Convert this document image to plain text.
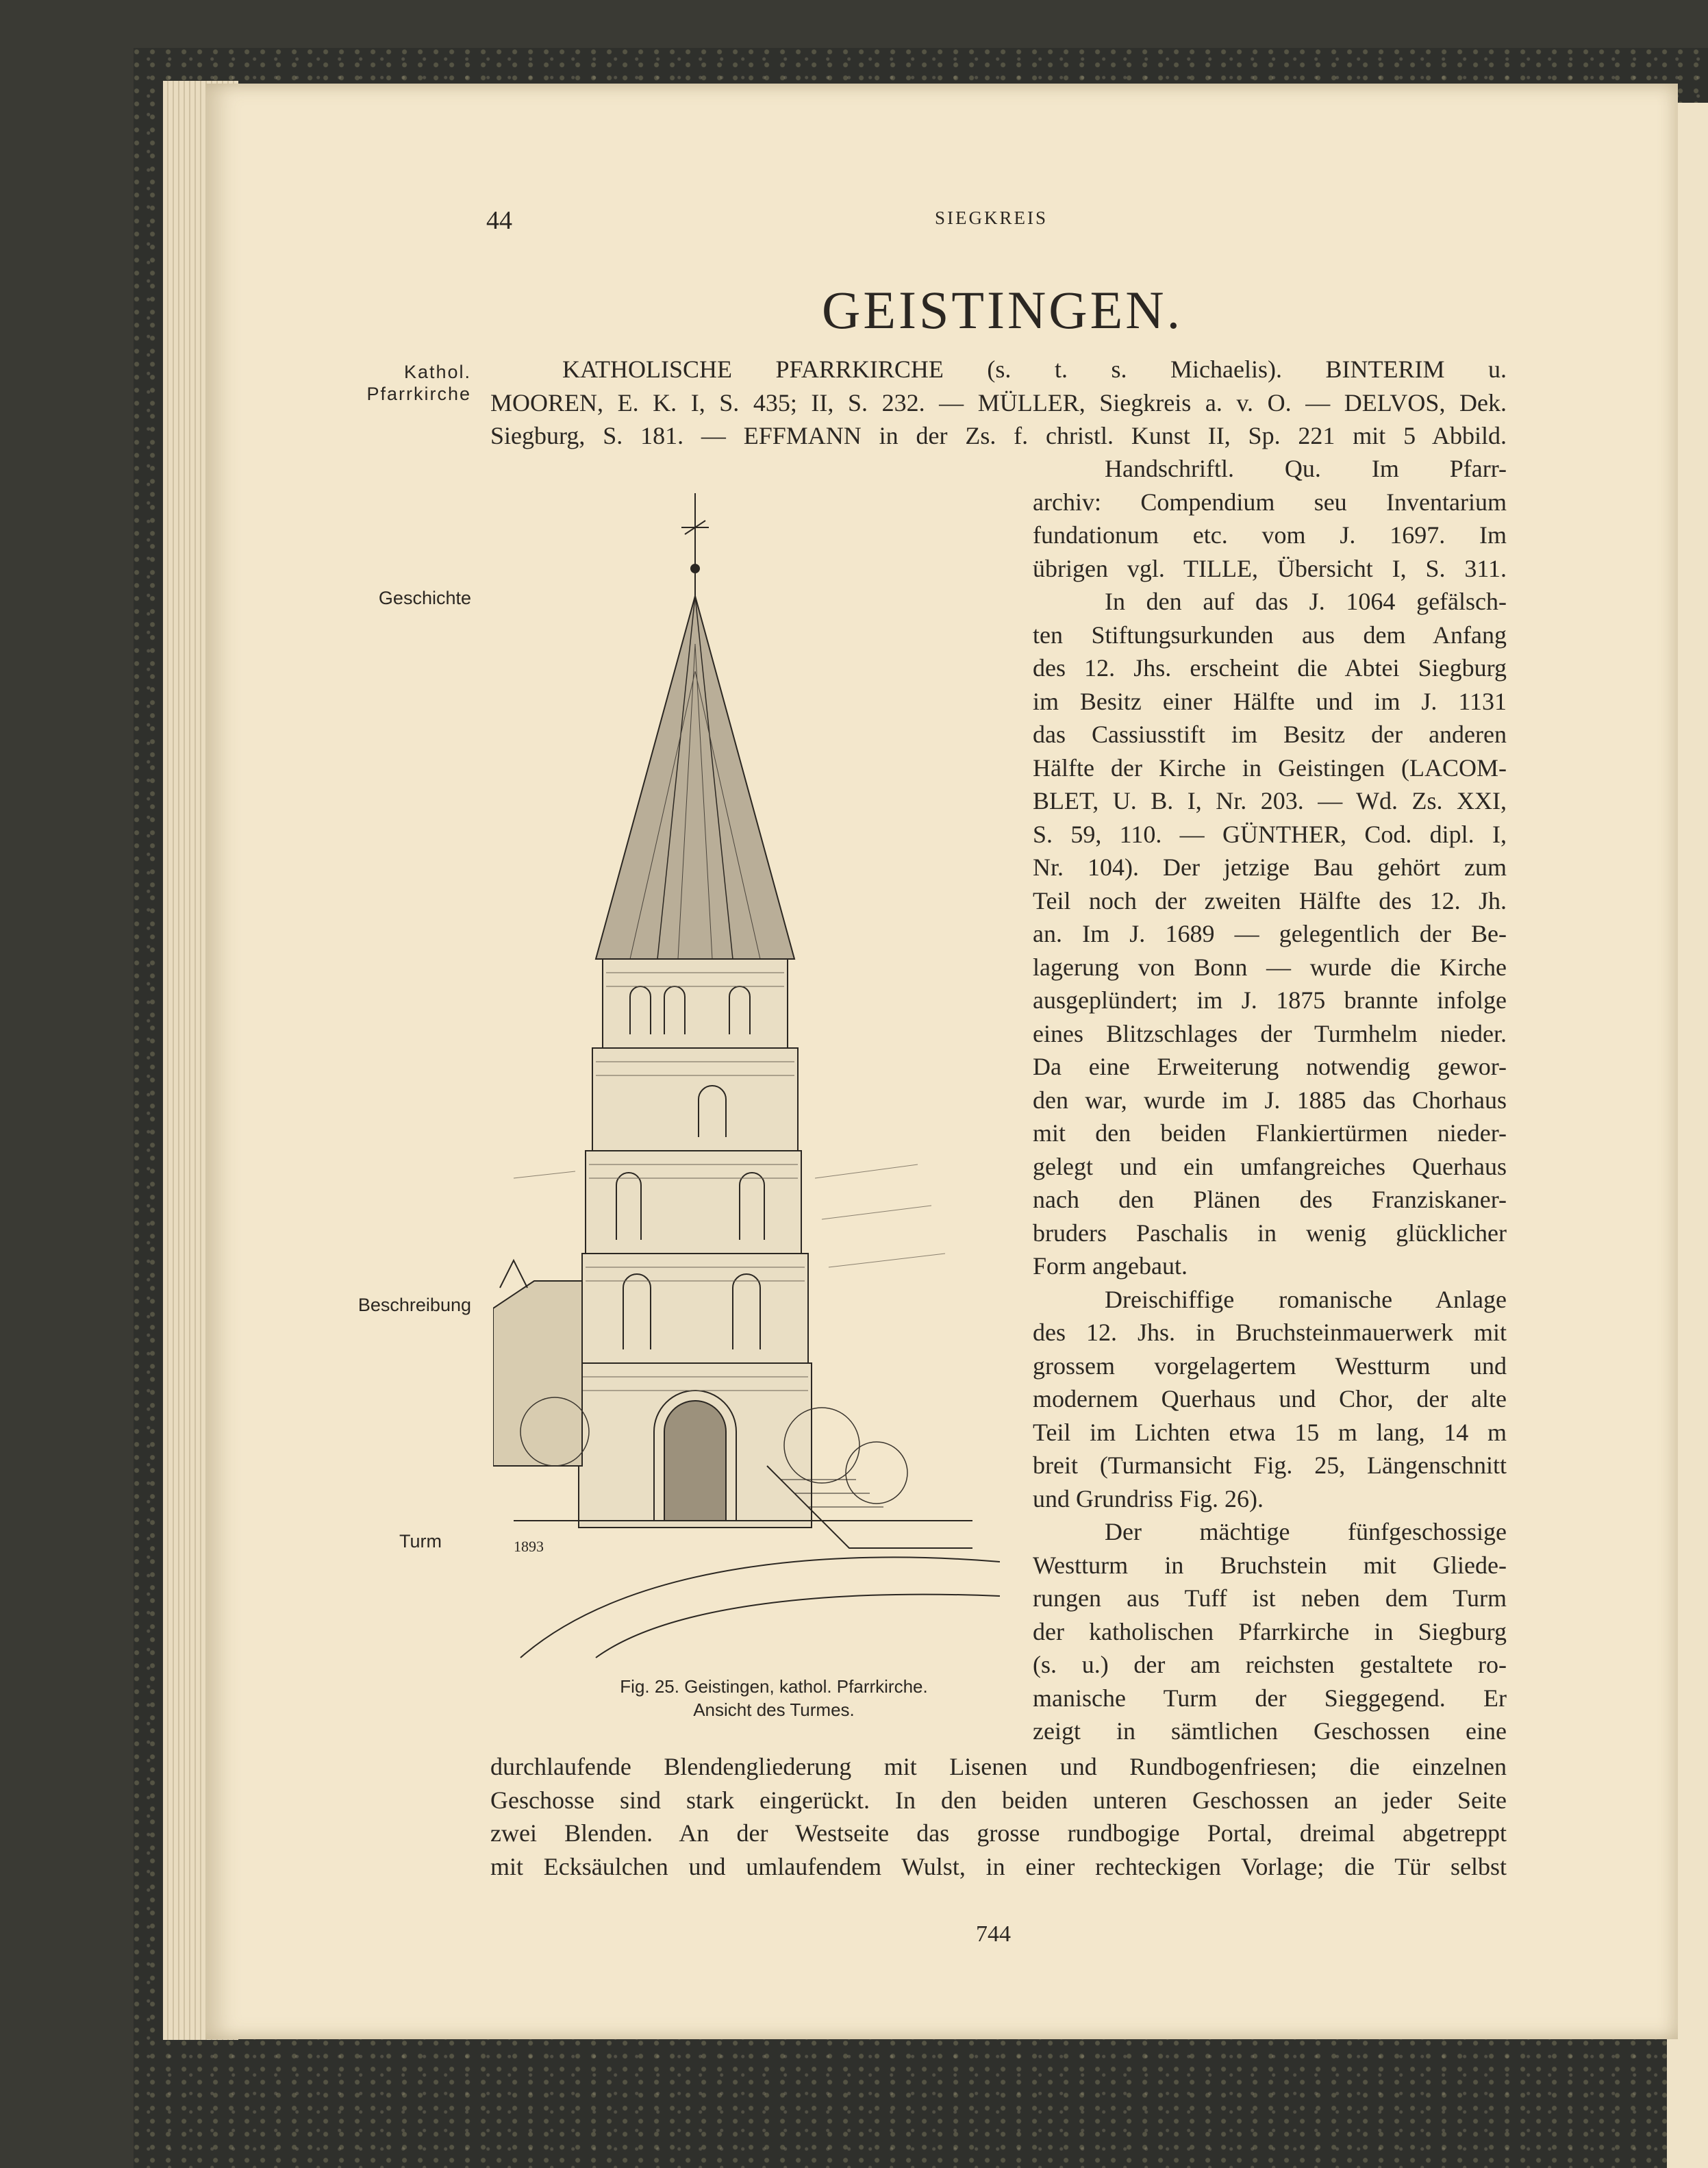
44	SIEGKREIS
GEISTINGEN.
Kathol.
Pfarrkirche
Geschichte
Beschreibung
Turm
KATHOLISCHE PFARRKIRCHE (s. t. s. Michaelis). BINTERIM u.
MOOREN, E. K. I, S. 435; II, S. 232. — MÜLLER, Siegkreis a. v. O. — DELVOS, Dek.
Siegburg, S. 181. — EFFMANN in der Zs. f. christl. Kunst II, Sp. 221 mit 5 Abbild.
Handschriftl. Qu. Im Pfarr-
archiv: Compendium seu Inventarium
fundationum etc. vom J. 1697. Im
übrigen vgl. TILLE, Übersicht I, S. 311.
In den auf das J. 1064 gefälsch-
ten Stiftungsurkunden aus dem Anfang
des 12. Jhs. erscheint die Abtei Siegburg
im Besitz einer Hälfte und im J. 1131
das Cassiusstift im Besitz der anderen
Hälfte der Kirche in Geistingen (LACOM-
BLET, U. B. I, Nr. 203. — Wd. Zs. XXI,
S. 59, 110. — GÜNTHER, Cod. dipl. I,
Nr. 104). Der jetzige Bau gehört zum
Teil noch der zweiten Hälfte des 12. Jh.
an. Im J. 1689 — gelegentlich der Be-
lagerung von Bonn — wurde die Kirche
ausgeplündert; im J. 1875 brannte infolge
eines Blitzschlages der Turmhelm nieder.
Da eine Erweiterung notwendig gewor-
den war, wurde im J. 1885 das Chorhaus
mit den beiden Flankiertürmen nieder-
gelegt und ein umfangreiches Querhaus
nach den Plänen des Franziskaner-
bruders Paschalis in wenig glücklicher
Form angebaut.
Dreischiffige romanische Anlage
des 12. Jhs. in Bruchsteinmauerwerk mit
grossem vorgelagertem Westturm und
modernem Querhaus und Chor, der alte
Teil im Lichten etwa 15 m lang, 14 m
breit (Turmansicht Fig. 25, Längenschnitt
und Grundriss Fig. 26).
Der mächtige fünfgeschossige
Westturm in Bruchstein mit Gliede-
rungen aus Tuff ist neben dem Turm
der katholischen Pfarrkirche in Siegburg
(s. u.) der am reichsten gestaltete ro-
manische Turm der Sieggegend. Er
zeigt in sämtlichen Geschossen eine
durchlaufende Blendengliederung mit Lisenen und Rundbogenfriesen; die einzelnen
Geschosse sind stark eingerückt. In den beiden unteren Geschossen an jeder Seite
zwei Blenden. An der Westseite das grosse rundbogige Portal, dreimal abgetreppt
mit Ecksäulchen und umlaufendem Wulst, in einer rechteckigen Vorlage; die Tür selbst
1893
Fig. 25. Geistingen, kathol. Pfarrkirche.
Ansicht des Turmes.
744
